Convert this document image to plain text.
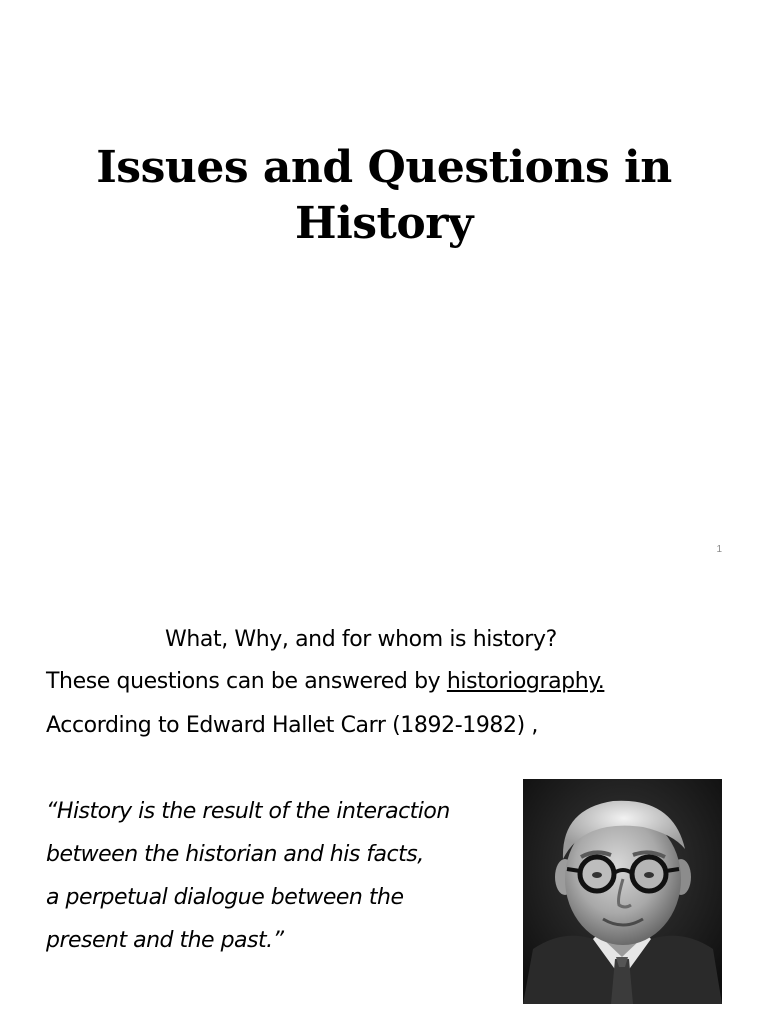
Issues and Questions in History
1
What, Why, and for whom is history?
These questions can be answered by historiography.
According to Edward Hallet Carr (1892-1982) ,
“History is the result of the interaction
between the historian and his facts,
a perpetual dialogue between the
present and the past.”
